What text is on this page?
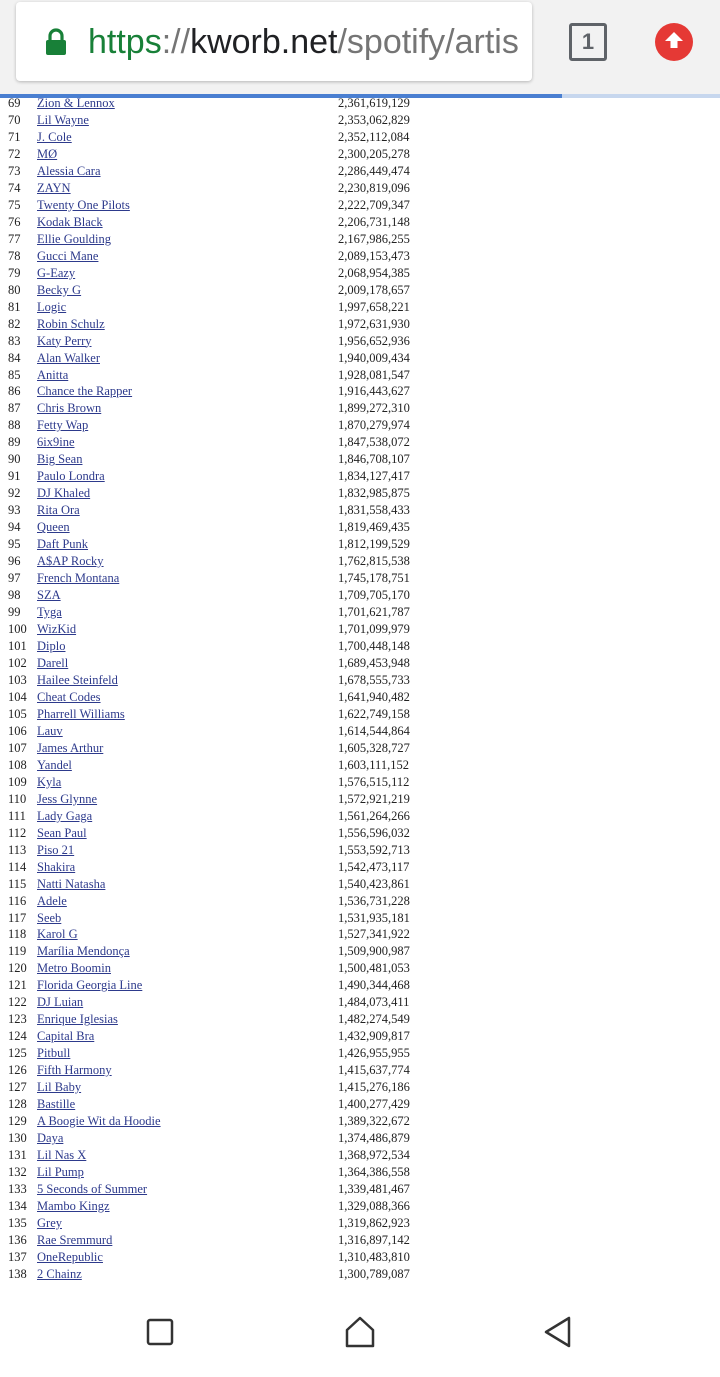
https://kworb.net/spotify/artis	1
69 Zion & Lennox	2,361,619,129
70 Lil Wayne	2,353,062,829
71 J. Cole	2,352,112,084
72 MØ	2,300,205,278
73 Alessia Cara	2,286,449,474
74 ZAYN	2,230,819,096
75 Twenty One Pilots	2,222,709,347
76 Kodak Black	2,206,731,148
77 Ellie Goulding	2,167,986,255
78 Gucci Mane	2,089,153,473
79 G-Eazy	2,068,954,385
80 Becky G	2,009,178,657
81 Logic	1,997,658,221
82 Robin Schulz	1,972,631,930
83 Katy Perry	1,956,652,936
84 Alan Walker	1,940,009,434
85 Anitta	1,928,081,547
86 Chance the Rapper	1,916,443,627
87 Chris Brown	1,899,272,310
88 Fetty Wap	1,870,279,974
89 6ix9ine	1,847,538,072
90 Big Sean	1,846,708,107
91 Paulo Londra	1,834,127,417
92 DJ Khaled	1,832,985,875
93 Rita Ora	1,831,558,433
94 Queen	1,819,469,435
95 Daft Punk	1,812,199,529
96 A$AP Rocky	1,762,815,538
97 French Montana	1,745,178,751
98 SZA	1,709,705,170
99 Tyga	1,701,621,787
100 WizKid	1,701,099,979
101 Diplo	1,700,448,148
102 Darell	1,689,453,948
103 Hailee Steinfeld	1,678,555,733
104 Cheat Codes	1,641,940,482
105 Pharrell Williams	1,622,749,158
106 Lauv	1,614,544,864
107 James Arthur	1,605,328,727
108 Yandel	1,603,111,152
109 Kyla	1,576,515,112
110 Jess Glynne	1,572,921,219
111 Lady Gaga	1,561,264,266
112 Sean Paul	1,556,596,032
113 Piso 21	1,553,592,713
114 Shakira	1,542,473,117
115 Natti Natasha	1,540,423,861
116 Adele	1,536,731,228
117 Seeb	1,531,935,181
118 Karol G	1,527,341,922
119 Marília Mendonça	1,509,900,987
120 Metro Boomin	1,500,481,053
121 Florida Georgia Line	1,490,344,468
122 DJ Luian	1,484,073,411
123 Enrique Iglesias	1,482,274,549
124 Capital Bra	1,432,909,817
125 Pitbull	1,426,955,955
126 Fifth Harmony	1,415,637,774
127 Lil Baby	1,415,276,186
128 Bastille	1,400,277,429
129 A Boogie Wit da Hoodie	1,389,322,672
130 Daya	1,374,486,879
131 Lil Nas X	1,368,972,534
132 Lil Pump	1,364,386,558
133 5 Seconds of Summer	1,339,481,467
134 Mambo Kingz	1,329,088,366
135 Grey	1,319,862,923
136 Rae Sremmurd	1,316,897,142
137 OneRepublic	1,310,483,810
138 2 Chainz	1,300,789,087
